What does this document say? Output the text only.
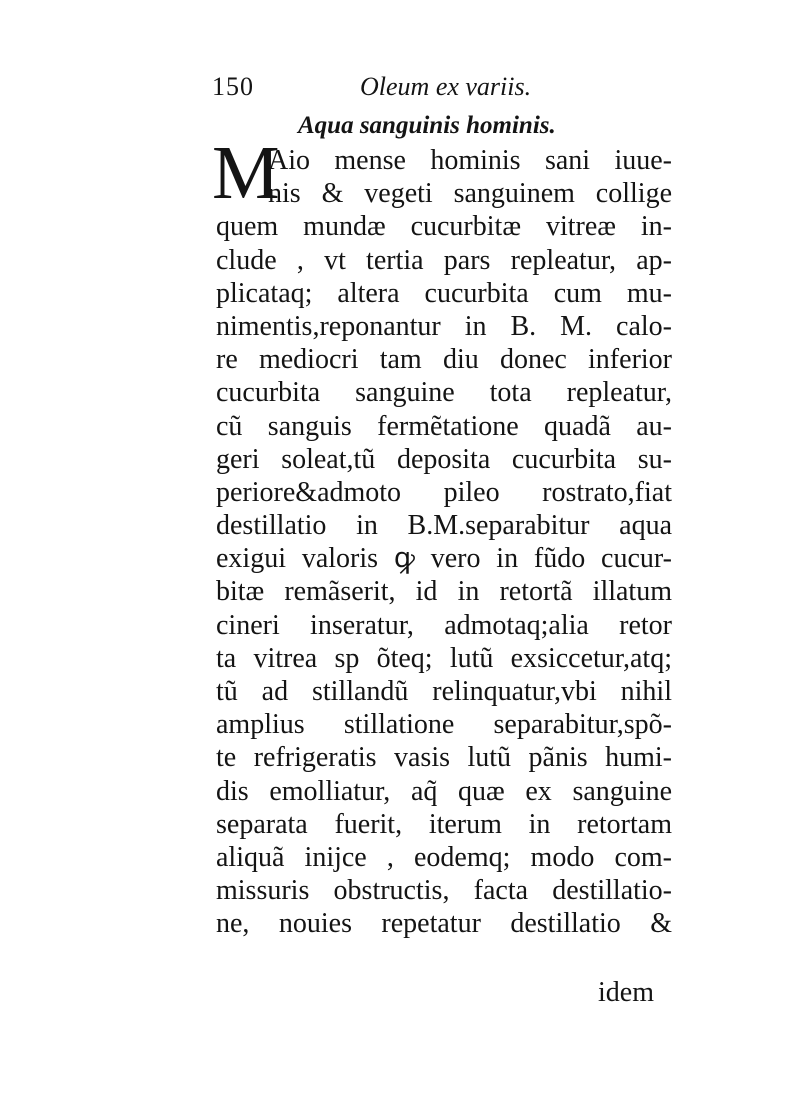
150	Oleum ex variis.
Aqua sanguinis hominis.
M
Aio mense hominis sani iuue-
nis & vegeti sanguinem collige
quem mundæ cucurbitæ vitreæ in-
clude , vt tertia pars repleatur, ap-
plicataq; altera cucurbita cum mu-
nimentis,reponantur in B. M. calo-
re mediocri tam diu donec inferior
cucurbita sanguine tota repleatur,
cũ sanguis fermẽtatione quadã au-
geri soleat,tũ deposita cucurbita su-
periore&admoto pileo rostrato,fiat
destillatio in B.M.separabitur aqua
exigui valoris ꝙ vero in fũdo cucur-
bitæ remãserit, id in retortã illatum
cineri inseratur, admotaq;alia retor
ta vitrea sp õteq; lutũ exsiccetur,atq;
tũ ad stillandũ relinquatur,vbi nihil
amplius stillatione separabitur,spõ-
te refrigeratis vasis lutũ pãnis humi-
dis emolliatur, aq̃ quæ ex sanguine
separata fuerit, iterum in retortam
aliquã inijce , eodemq; modo com-
missuris obstructis, facta destillatio-
ne, nouies repetatur destillatio &
idem
